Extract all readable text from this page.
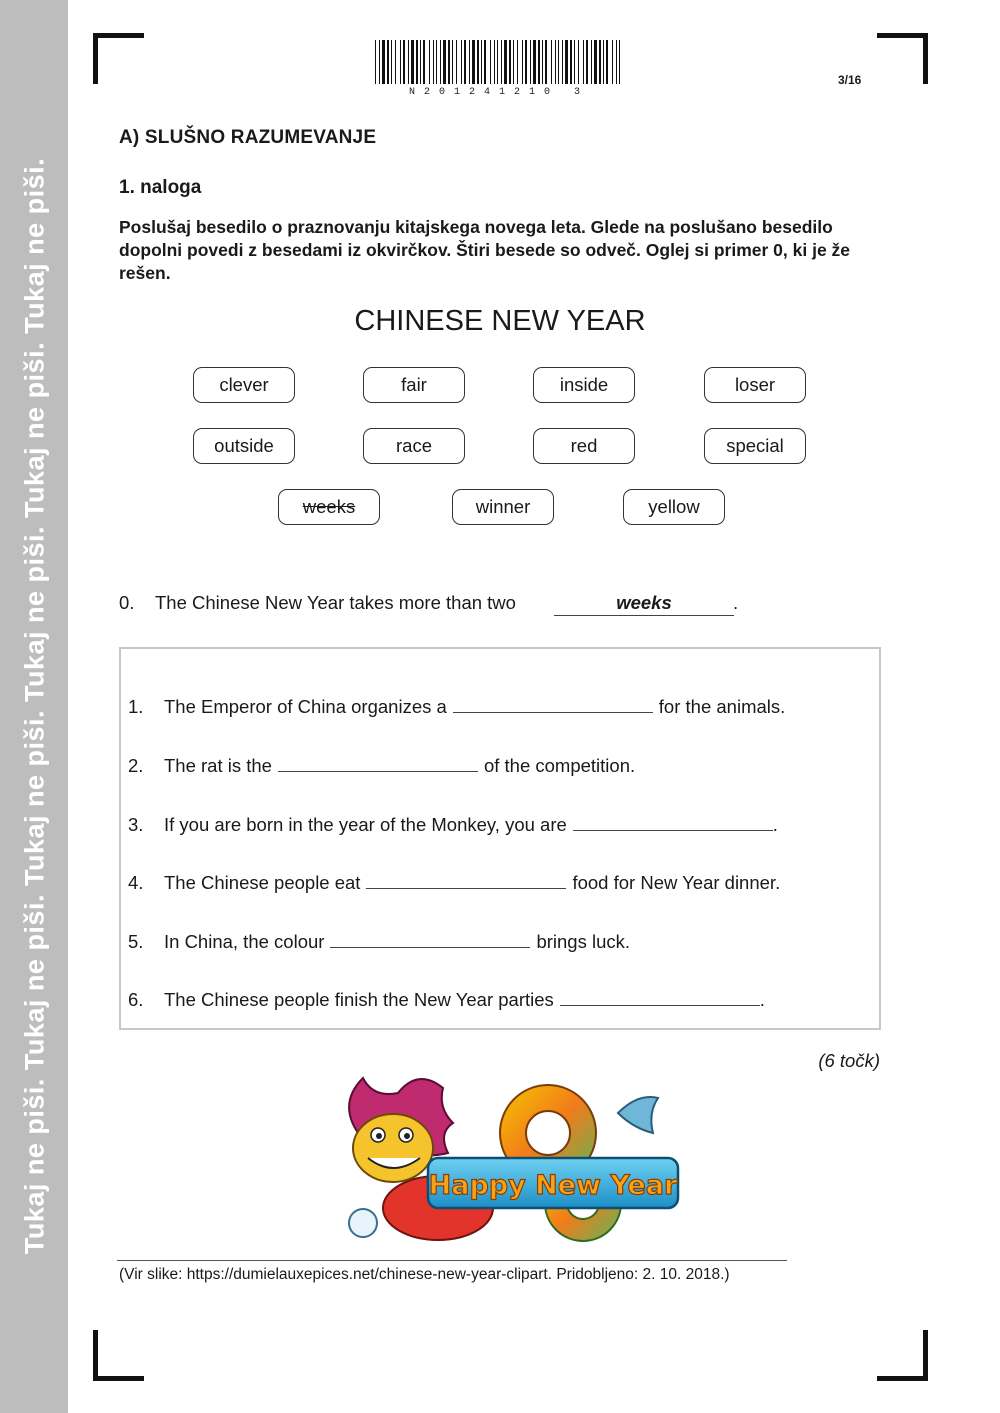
Tukaj ne piši. Tukaj ne piši. Tukaj ne piši. Tukaj ne piši. Tukaj ne piši. Tukaj ne piši.
N201241210 3
3/16
A) SLUŠNO RAZUMEVANJE
1. naloga
Poslušaj besedilo o praznovanju kitajskega novega leta. Glede na poslušano besedilo dopolni povedi z besedami iz okvirčkov. Štiri besede so odveč. Oglej si primer 0, ki je že rešen.
CHINESE NEW YEAR
clever	fair	inside	loser
outside	race	red	special
weeks	winner	yellow
0. The Chinese New Year takes more than two	weeks	.
1. The Emperor of China organizes a	for the animals.
2. The rat is the	of the competition.
3. If you are born in the year of the Monkey, you are	.
4. The Chinese people eat	food for New Year dinner.
5. In China, the colour	brings luck.
6. The Chinese people finish the New Year parties	.
(6 točk)
Happy New Year
(Vir slike: https://dumielauxepices.net/chinese-new-year-clipart. Pridobljeno: 2. 10. 2018.)
